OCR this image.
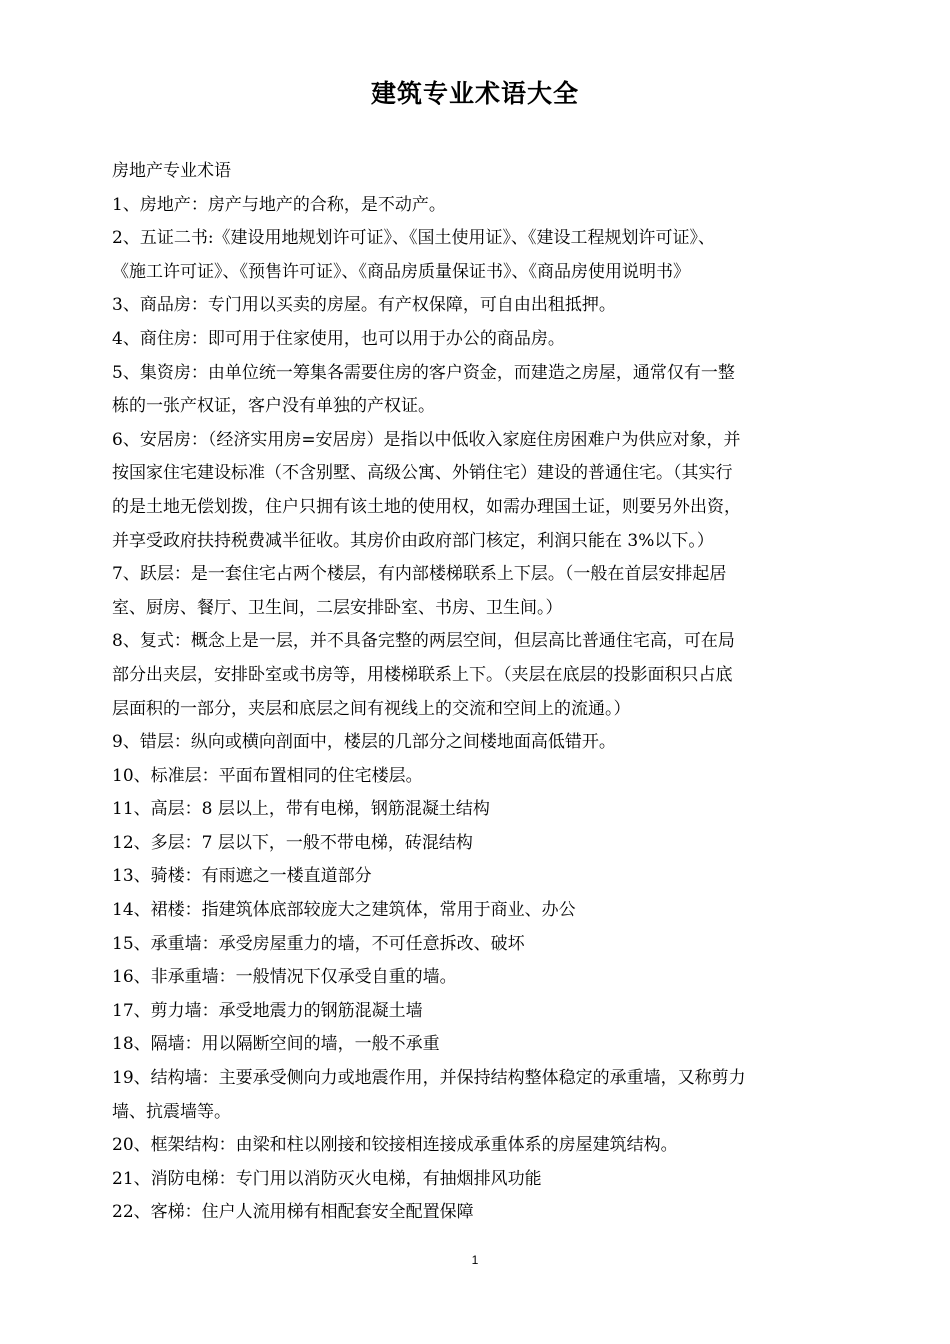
建筑专业术语大全
房地产专业术语
1、房地产：房产与地产的合称，是不动产。
2、五证二书:《建设用地规划许可证》、《国土使用证》、《建设工程规划许可证》、
《施工许可证》、《预售许可证》、《商品房质量保证书》、《商品房使用说明书》
3、商品房：专门用以买卖的房屋。有产权保障，可自由出租抵押。
4、商住房：即可用于住家使用，也可以用于办公的商品房。
5、集资房：由单位统一筹集各需要住房的客户资金，而建造之房屋，通常仅有一整
栋的一张产权证，客户没有单独的产权证。
6、安居房：（经济实用房=安居房）是指以中低收入家庭住房困难户为供应对象，并
按国家住宅建设标准（不含别墅、高级公寓、外销住宅）建设的普通住宅。（其实行
的是土地无偿划拨，住户只拥有该土地的使用权，如需办理国土证，则要另外出资，
并享受政府扶持税费减半征收。其房价由政府部门核定，利润只能在 3%以下。）
7、跃层：是一套住宅占两个楼层，有内部楼梯联系上下层。（一般在首层安排起居
室、厨房、餐厅、卫生间，二层安排卧室、书房、卫生间。）
8、复式：概念上是一层，并不具备完整的两层空间，但层高比普通住宅高，可在局
部分出夹层，安排卧室或书房等，用楼梯联系上下。（夹层在底层的投影面积只占底
层面积的一部分，夹层和底层之间有视线上的交流和空间上的流通。）
9、错层：纵向或横向剖面中，楼层的几部分之间楼地面高低错开。
10、标准层：平面布置相同的住宅楼层。
11、高层：8 层以上，带有电梯，钢筋混凝土结构
12、多层：7 层以下，一般不带电梯，砖混结构
13、骑楼：有雨遮之一楼直道部分
14、裙楼：指建筑体底部较庞大之建筑体，常用于商业、办公
15、承重墙：承受房屋重力的墙，不可任意拆改、破坏
16、非承重墙：一般情况下仅承受自重的墙。
17、剪力墙：承受地震力的钢筋混凝土墙
18、隔墙：用以隔断空间的墙，一般不承重
19、结构墙：主要承受侧向力或地震作用，并保持结构整体稳定的承重墙，又称剪力
墙、抗震墙等。
20、框架结构：由梁和柱以刚接和铰接相连接成承重体系的房屋建筑结构。
21、消防电梯：专门用以消防灭火电梯，有抽烟排风功能
22、客梯：住户人流用梯有相配套安全配置保障
1
